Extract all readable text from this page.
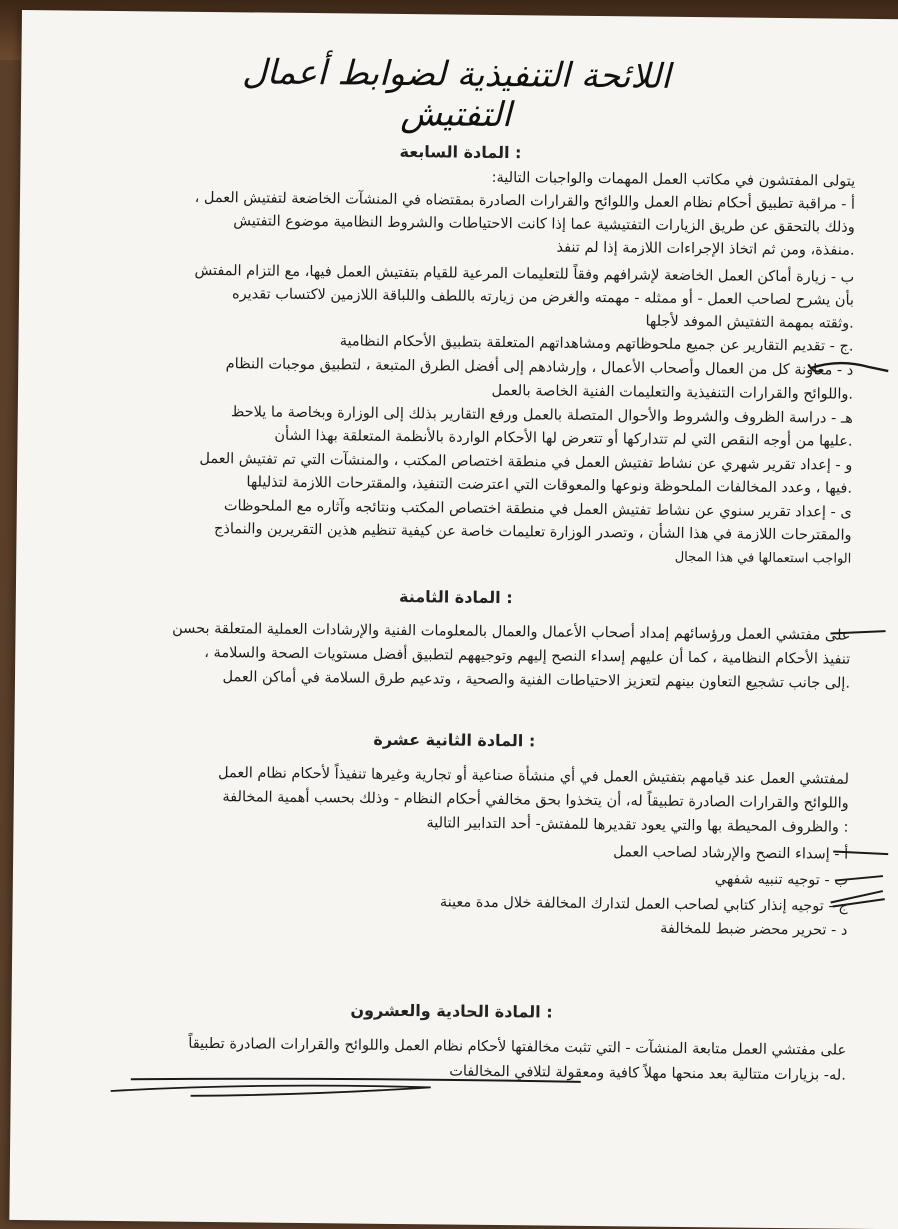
اللائحة التنفيذية لضوابط أعمال التفتيش
: المادة السابعة
يتولى المفتشون في مكاتب العمل المهمات والواجبات التالية:
أ - مراقبة تطبيق أحكام نظام العمل واللوائح والقرارات الصادرة بمقتضاه في المنشآت الخاضعة لتفتيش العمل ،
وذلك بالتحقق عن طريق الزيارات التفتيشية عما إذا كانت الاحتياطات والشروط النظامية موضوع التفتيش
.منفذة، ومن ثم اتخاذ الإجراءات اللازمة إذا لم تنفذ
ب - زيارة أماكن العمل الخاضعة لإشرافهم وفقاً للتعليمات المرعية للقيام بتفتيش العمل فيها، مع التزام المفتش
بأن يشرح لصاحب العمل - أو ممثله - مهمته والغرض من زيارته باللطف واللباقة اللازمين لاكتساب تقديره
.وثقته بمهمة التفتيش الموفد لأجلها
.ج - تقديم التقارير عن جميع ملحوظاتهم ومشاهداتهم المتعلقة بتطبيق الأحكام النظامية
د - معاونة كل من العمال وأصحاب الأعمال ، وإرشادهم إلى أفضل الطرق المتبعة ، لتطبيق موجبات النظام
.واللوائح والقرارات التنفيذية والتعليمات الفنية الخاصة بالعمل
هـ - دراسة الظروف والشروط والأحوال المتصلة بالعمل ورفع التقارير بذلك إلى الوزارة وبخاصة ما يلاحظ
.عليها من أوجه النقص التي لم تتداركها أو تتعرض لها الأحكام الواردة بالأنظمة المتعلقة بهذا الشأن
و - إعداد تقرير شهري عن نشاط تفتيش العمل في منطقة اختصاص المكتب ، والمنشآت التي تم تفتيش العمل
.فيها ، وعدد المخالفات الملحوظة ونوعها والمعوقات التي اعترضت التنفيذ، والمقترحات اللازمة لتذليلها
ى - إعداد تقرير سنوي عن نشاط تفتيش العمل في منطقة اختصاص المكتب ونتائجه وآثاره مع الملحوظات
والمقترحات اللازمة في هذا الشأن ، وتصدر الوزارة تعليمات خاصة عن كيفية تنظيم هذين التقريرين والنماذج
الواجب استعمالها في هذا المجال
: المادة الثامنة
على مفتشي العمل ورؤسائهم إمداد أصحاب الأعمال والعمال بالمعلومات الفنية والإرشادات العملية المتعلقة بحسن
تنفيذ الأحكام النظامية ، كما أن عليهم إسداء النصح إليهم وتوجيههم لتطبيق أفضل مستويات الصحة والسلامة ،
.إلى جانب تشجيع التعاون بينهم لتعزيز الاحتياطات الفنية والصحية ، وتدعيم طرق السلامة في أماكن العمل
: المادة الثانية عشرة
لمفتشي العمل عند قيامهم بتفتيش العمل في أي منشأة صناعية أو تجارية وغيرها تنفيذاً لأحكام نظام العمل
واللوائح والقرارات الصادرة تطبيقاً له، أن يتخذوا بحق مخالفي أحكام النظام - وذلك بحسب أهمية المخالفة
: والظروف المحيطة بها والتي يعود تقديرها للمفتش- أحد التدابير التالية
أ - إسداء النصح والإرشاد لصاحب العمل
ب - توجيه تنبيه شفهي
ج - توجيه إنذار كتابي لصاحب العمل لتدارك المخالفة خلال مدة معينة
د - تحرير محضر ضبط للمخالفة
: المادة الحادية والعشرون
على مفتشي العمل متابعة المنشآت - التي تثبت مخالفتها لأحكام نظام العمل واللوائح والقرارات الصادرة تطبيقاً
.له- بزيارات متتالية بعد منحها مهلاً كافية ومعقولة لتلافي المخالفات
